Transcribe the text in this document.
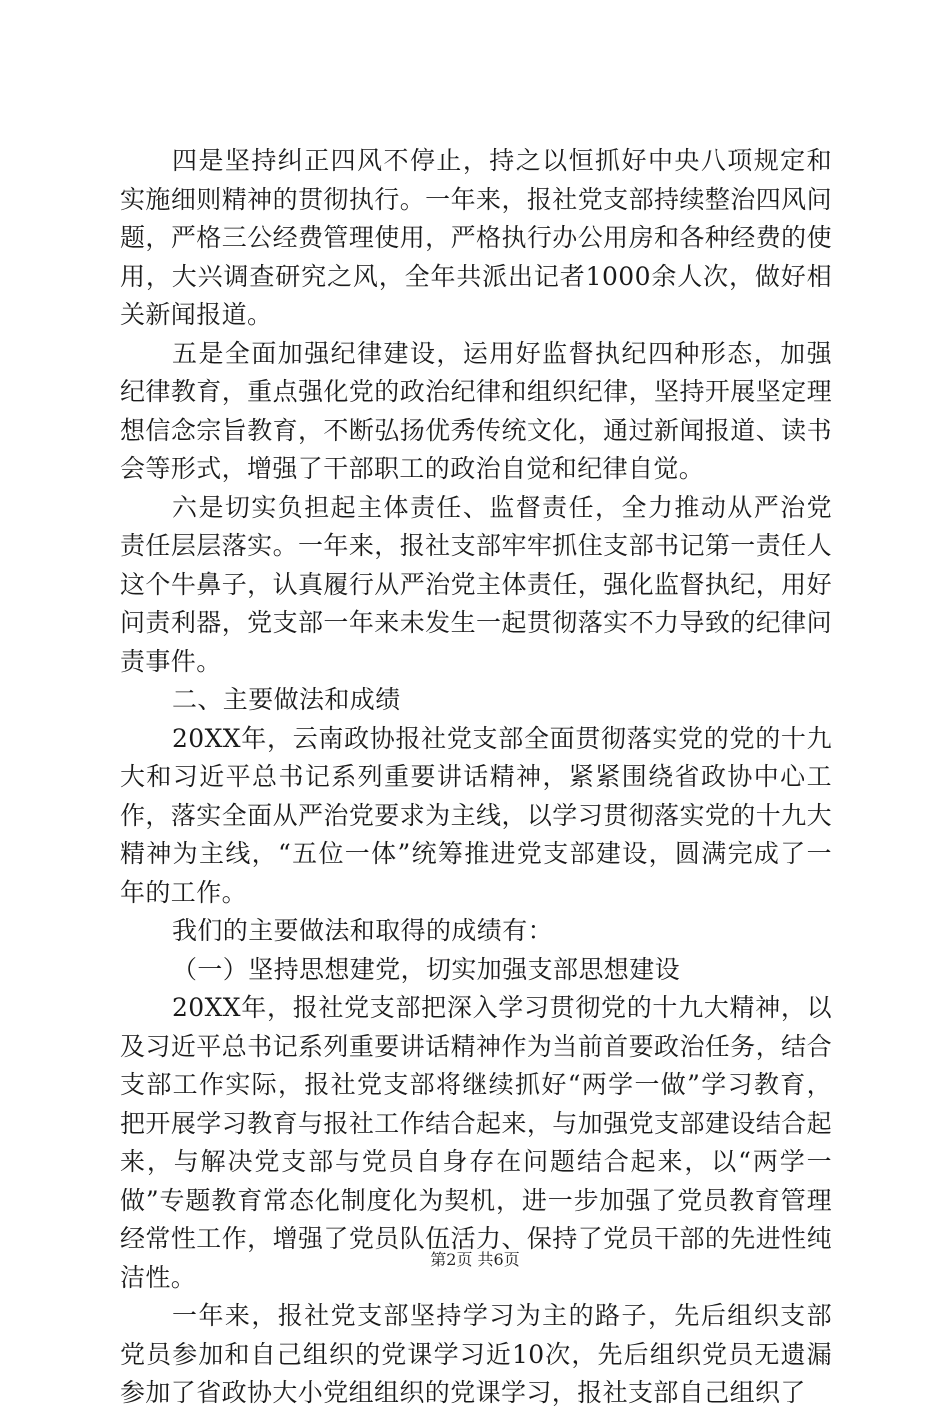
四是坚持纠正四风不停止，持之以恒抓好中央八项规定和实施细则精神的贯彻执行。一年来，报社党支部持续整治四风问题，严格三公经费管理使用，严格执行办公用房和各种经费的使用，大兴调查研究之风，全年共派出记者1000余人次，做好相关新闻报道。

五是全面加强纪律建设，运用好监督执纪四种形态，加强纪律教育，重点强化党的政治纪律和组织纪律，坚持开展坚定理想信念宗旨教育，不断弘扬优秀传统文化，通过新闻报道、读书会等形式，增强了干部职工的政治自觉和纪律自觉。

六是切实负担起主体责任、监督责任，全力推动从严治党责任层层落实。一年来，报社支部牢牢抓住支部书记第一责任人这个牛鼻子，认真履行从严治党主体责任，强化监督执纪，用好问责利器，党支部一年来未发生一起贯彻落实不力导致的纪律问责事件。

二、主要做法和成绩

20XX年，云南政协报社党支部全面贯彻落实党的党的十九大和习近平总书记系列重要讲话精神，紧紧围绕省政协中心工作，落实全面从严治党要求为主线，以学习贯彻落实党的十九大精神为主线，“五位一体”统筹推进党支部建设，圆满完成了一年的工作。

我们的主要做法和取得的成绩有：

（一）坚持思想建党，切实加强支部思想建设

20XX年，报社党支部把深入学习贯彻党的十九大精神，以及习近平总书记系列重要讲话精神作为当前首要政治任务，结合支部工作实际，报社党支部将继续抓好“两学一做”学习教育，把开展学习教育与报社工作结合起来，与加强党支部建设结合起来，与解决党支部与党员自身存在问题结合起来，以“两学一做”专题教育常态化制度化为契机，进一步加强了党员教育管理经常性工作，增强了党员队伍活力、保持了党员干部的先进性纯洁性。

一年来，报社党支部坚持学习为主的路子，先后组织支部党员参加和自己组织的党课学习近10次，先后组织党员无遗漏参加了省政协大小党组组织的党课学习，报社支部自己组织了

第2页 共6页
